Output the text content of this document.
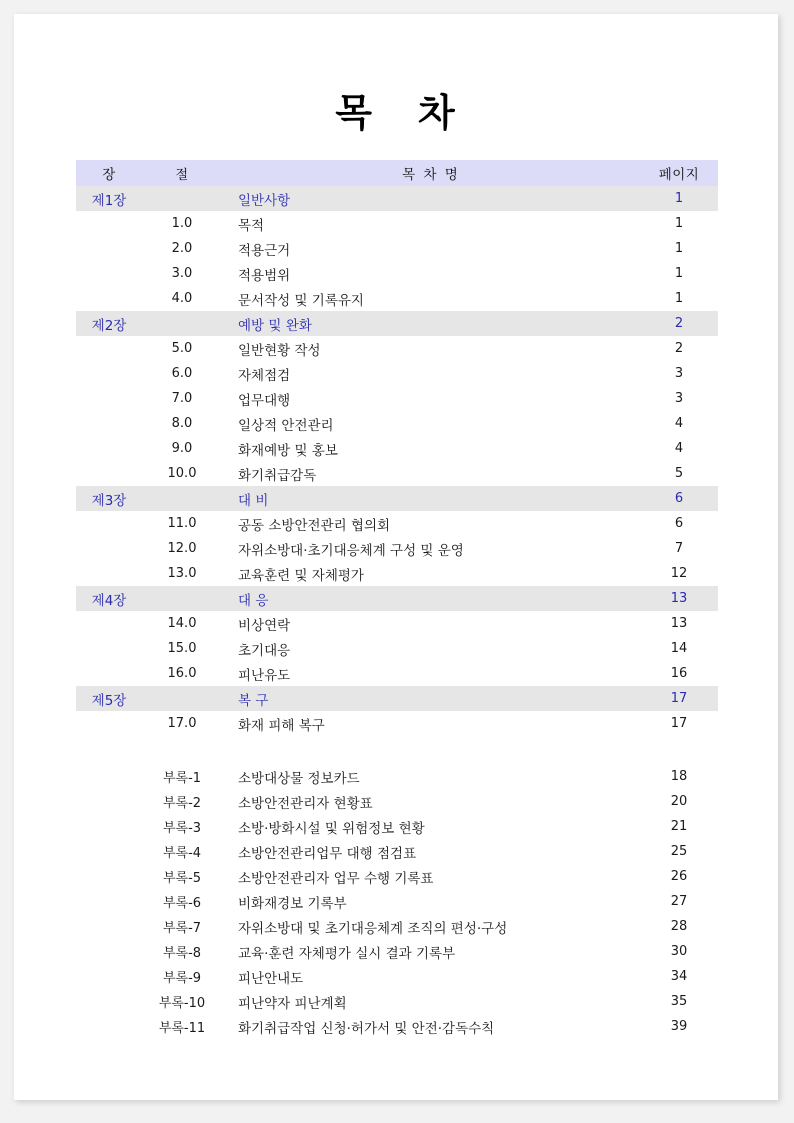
목 차
장	절	목 차 명	페이지
제1장	일반사항	1
1.0	목적	1
2.0	적용근거	1
3.0	적용범위	1
4.0	문서작성 및 기록유지	1
제2장	예방 및 완화	2
5.0	일반현황 작성	2
6.0	자체점검	3
7.0	업무대행	3
8.0	일상적 안전관리	4
9.0	화재예방 및 홍보	4
10.0	화기취급감독	5
제3장	대 비	6
11.0	공동 소방안전관리 협의회	6
12.0	자위소방대·초기대응체계 구성 및 운영	7
13.0	교육훈련 및 자체평가	12
제4장	대 응	13
14.0	비상연락	13
15.0	초기대응	14
16.0	피난유도	16
제5장	복 구	17
17.0	화재 피해 복구	17
부록-1	소방대상물 정보카드	18
부록-2	소방안전관리자 현황표	20
부록-3	소방·방화시설 및 위험정보 현황	21
부록-4	소방안전관리업무 대행 점검표	25
부록-5	소방안전관리자 업무 수행 기록표	26
부록-6	비화재경보 기록부	27
부록-7	자위소방대 및 초기대응체계 조직의 편성·구성	28
부록-8	교육·훈련 자체평가 실시 결과 기록부	30
부록-9	피난안내도	34
부록-10	피난약자 피난계획	35
부록-11	화기취급작업 신청·허가서 및 안전·감독수칙	39
